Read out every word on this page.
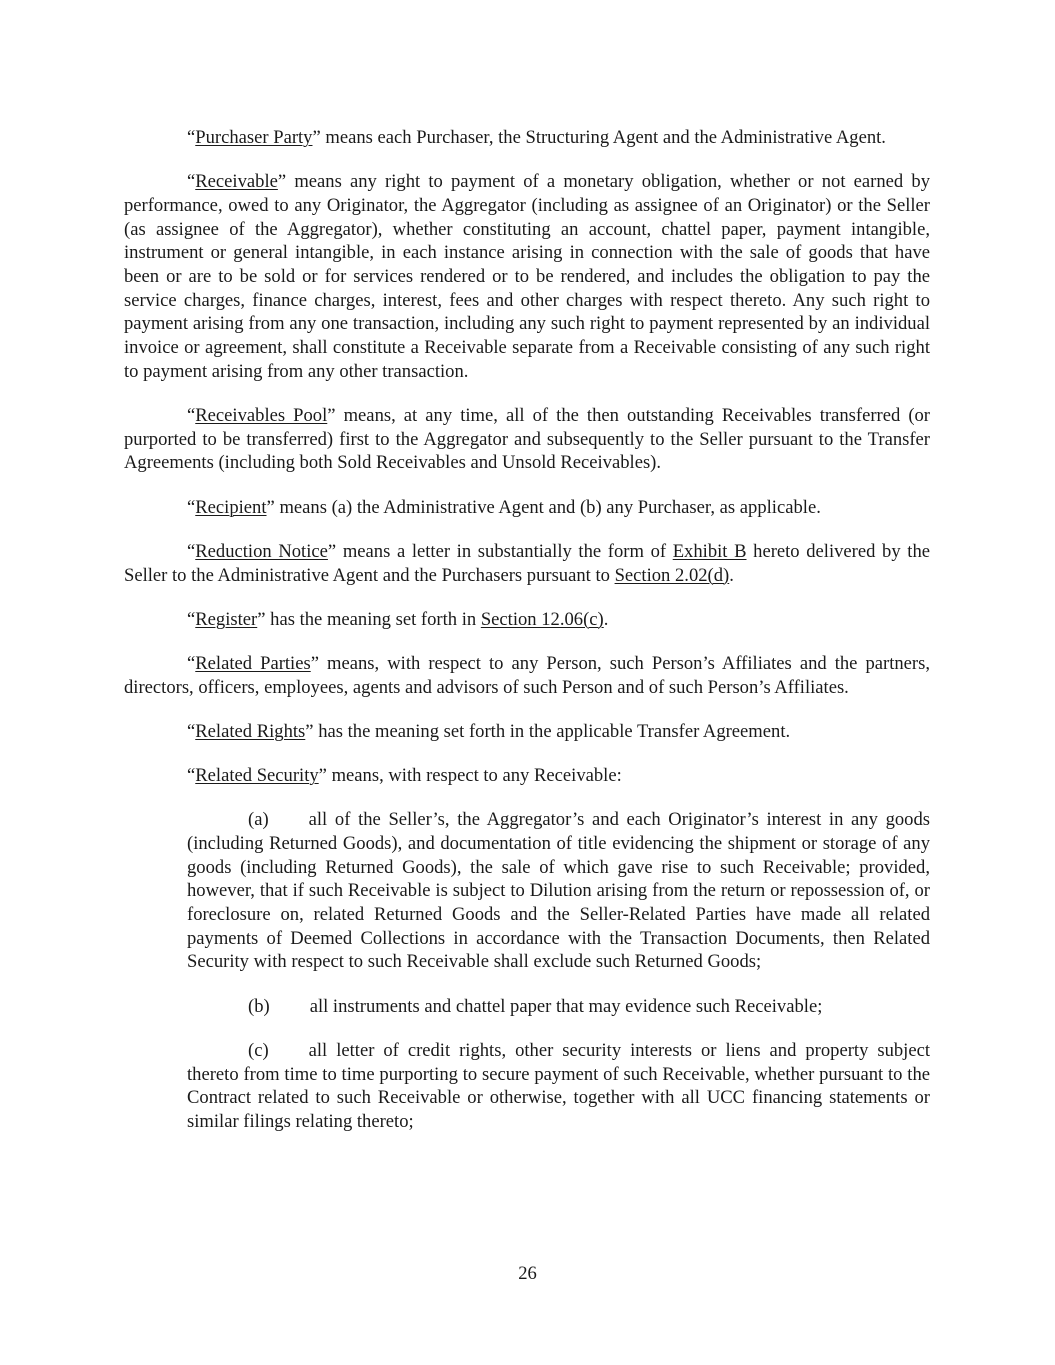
“Purchaser Party” means each Purchaser, the Structuring Agent and the Administrative Agent.

“Receivable” means any right to payment of a monetary obligation, whether or not earned by performance, owed to any Originator, the Aggregator (including as assignee of an Originator) or the Seller (as assignee of the Aggregator), whether constituting an account, chattel paper, payment intangible, instrument or general intangible, in each instance arising in connection with the sale of goods that have been or are to be sold or for services rendered or to be rendered, and includes the obligation to pay the service charges, finance charges, interest, fees and other charges with respect thereto. Any such right to payment arising from any one transaction, including any such right to payment represented by an individual invoice or agreement, shall constitute a Receivable separate from a Receivable consisting of any such right to payment arising from any other transaction.

“Receivables Pool” means, at any time, all of the then outstanding Receivables transferred (or purported to be transferred) first to the Aggregator and subsequently to the Seller pursuant to the Transfer Agreements (including both Sold Receivables and Unsold Receivables).

“Recipient” means (a) the Administrative Agent and (b) any Purchaser, as applicable.

“Reduction Notice” means a letter in substantially the form of Exhibit B hereto delivered by the Seller to the Administrative Agent and the Purchasers pursuant to Section 2.02(d).

“Register” has the meaning set forth in Section 12.06(c).

“Related Parties” means, with respect to any Person, such Person’s Affiliates and the partners, directors, officers, employees, agents and advisors of such Person and of such Person’s Affiliates.

“Related Rights” has the meaning set forth in the applicable Transfer Agreement.

“Related Security” means, with respect to any Receivable:

(a) all of the Seller’s, the Aggregator’s and each Originator’s interest in any goods (including Returned Goods), and documentation of title evidencing the shipment or storage of any goods (including Returned Goods), the sale of which gave rise to such Receivable; provided, however, that if such Receivable is subject to Dilution arising from the return or repossession of, or foreclosure on, related Returned Goods and the Seller-Related Parties have made all related payments of Deemed Collections in accordance with the Transaction Documents, then Related Security with respect to such Receivable shall exclude such Returned Goods;

(b) all instruments and chattel paper that may evidence such Receivable;

(c) all letter of credit rights, other security interests or liens and property subject thereto from time to time purporting to secure payment of such Receivable, whether pursuant to the Contract related to such Receivable or otherwise, together with all UCC financing statements or similar filings relating thereto;

26
